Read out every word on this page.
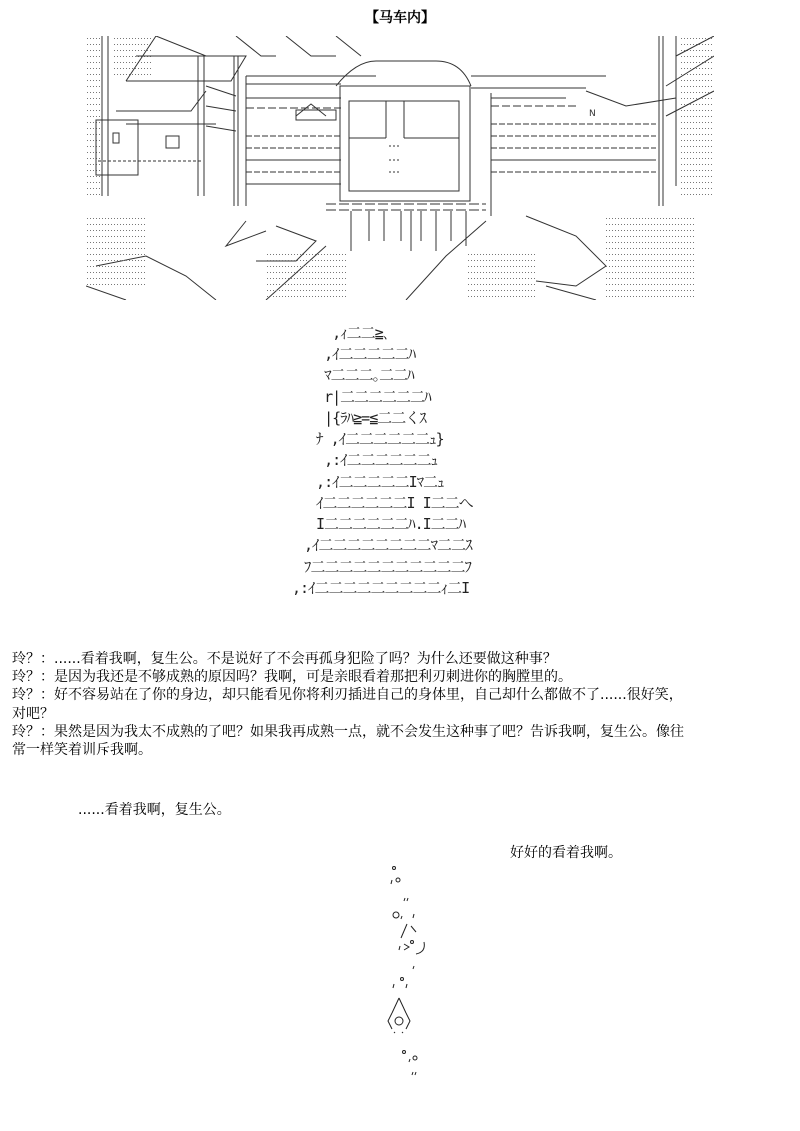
【马车内】
N
,ｨ二二≧､
,ｲ二二二二二ﾊ
ﾏ二二二｡二二ﾊ
r|二二二二二二ﾊ
|{ﾗﾊ≧=≦二二くｽ
ﾅ ,ｲ二二二二二二ｭ}
,:ｲ二二二二二二ｭ
,:ｲ二二二二二Iﾏ二ｭ
ｲ二二二二二二I I二二へ
I二二二二二二ﾊ.I二二ﾊ
,ｲ二二二二二二二二ﾏ二二ｽ
ﾌ二二二二二二二二二二二ﾌ
,:ｲ二二二二二二二二二ｨ二I

玲？：......看着我啊，复生公。不是说好了不会再孤身犯险了吗？为什么还要做这种事？

玲？：是因为我还是不够成熟的原因吗？我啊，可是亲眼看着那把利刃刺进你的胸膛里的。

玲？：好不容易站在了你的身边，却只能看见你将利刃插进自己的身体里，自己却什么都做不了......很好笑，

对吧？

玲？：果然是因为我太不成熟的了吧？如果我再成熟一点，就不会发生这种事了吧？告诉我啊，复生公。像往

常一样笑着训斥我啊。

......看着我啊，复生公。
好好的看着我啊。
